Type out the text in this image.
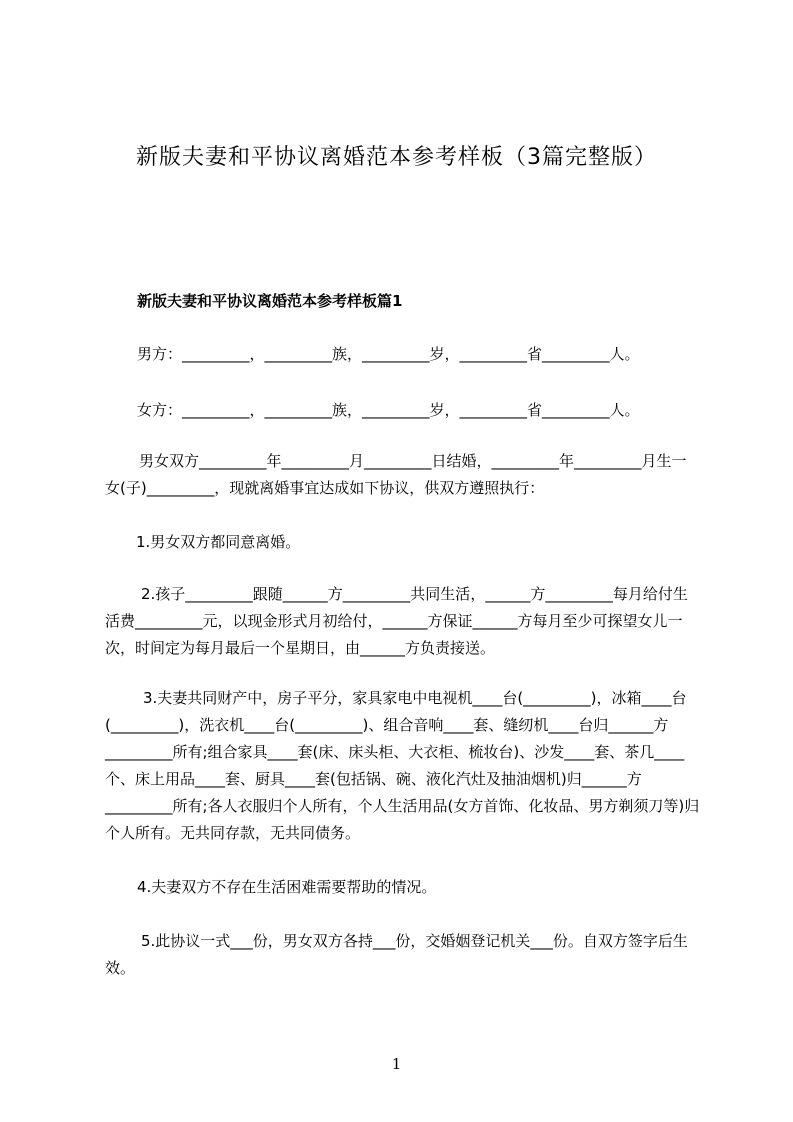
新版夫妻和平协议离婚范本参考样板（3篇完整版）
新版夫妻和平协议离婚范本参考样板篇1
男方：_________，_________族，_________岁，_________省_________人。
女方：_________，_________族，_________岁，_________省_________人。
男女双方_________年_________月_________日结婚，_________年_________月生一女(子)_________，现就离婚事宜达成如下协议，供双方遵照执行：
1.男女双方都同意离婚。
2.孩子_________跟随______方_________共同生活，______方_________每月给付生活费_________元，以现金形式月初给付，______方保证______方每月至少可探望女儿一次，时间定为每月最后一个星期日，由______方负责接送。
3.夫妻共同财产中，房子平分，家具家电中电视机____台(_________)，冰箱____台(_________)，洗衣机____台(_________)、组合音响____套、缝纫机____台归______方_________所有;组合家具____套(床、床头柜、大衣柜、梳妆台)、沙发____套、茶几____个、床上用品____套、厨具____套(包括锅、碗、液化汽灶及抽油烟机)归______方_________所有;各人衣服归个人所有，个人生活用品(女方首饰、化妆品、男方剃须刀等)归个人所有。无共同存款，无共同债务。
4.夫妻双方不存在生活困难需要帮助的情况。
5.此协议一式___份，男女双方各持___份，交婚姻登记机关___份。自双方签字后生效。
1
